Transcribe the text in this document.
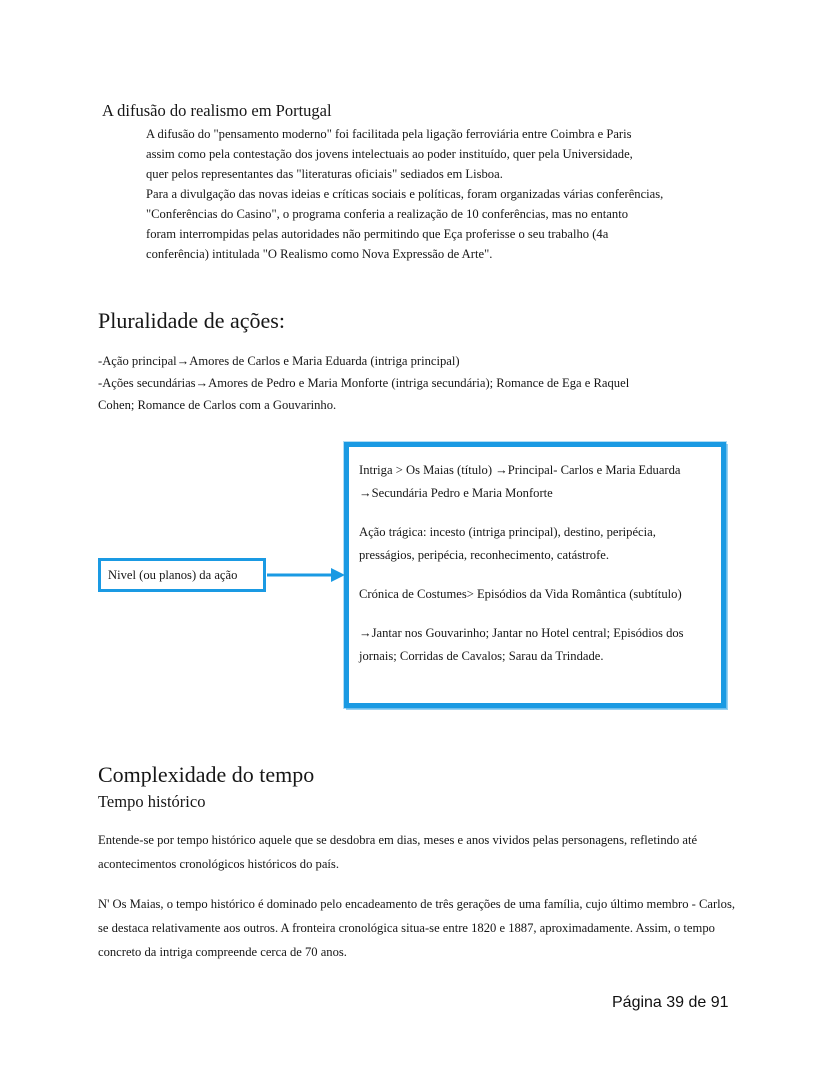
A difusão do realismo em Portugal

A difusão do "pensamento moderno" foi facilitada pela ligação ferroviária entre Coimbra e Paris

assim como pela contestação dos jovens intelectuais ao poder instituído, quer pela Universidade,

quer pelos representantes das "literaturas oficiais" sediados em Lisboa.

Para a divulgação das novas ideias e críticas sociais e políticas, foram organizadas várias conferências,

"Conferências do Casino", o programa conferia a realização de 10 conferências, mas no entanto

foram interrompidas pelas autoridades não permitindo que Eça proferisse o seu trabalho (4a

conferência) intitulada "O Realismo como Nova Expressão de Arte".

Pluralidade de ações:

-Ação principal→Amores de Carlos e Maria Eduarda (intriga principal)

-Ações secundárias→Amores de Pedro e Maria Monforte (intriga secundária); Romance de Ega e Raquel

Cohen; Romance de Carlos com a Gouvarinho.

Nivel (ou planos) da ação

Intriga > Os Maias (título) →Principal- Carlos e Maria Eduarda →Secundária Pedro e Maria Monforte

Ação trágica: incesto (intriga principal), destino, peripécia, presságios, peripécia, reconhecimento, catástrofe.

Crónica de Costumes> Episódios da Vida Romântica (subtítulo)

→Jantar nos Gouvarinho; Jantar no Hotel central; Episódios dos jornais; Corridas de Cavalos; Sarau da Trindade.

Complexidade do tempo
Tempo histórico

Entende-se por tempo histórico aquele que se desdobra em dias, meses e anos vividos pelas personagens, refletindo até acontecimentos cronológicos históricos do país.

N' Os Maias, o tempo histórico é dominado pelo encadeamento de três gerações de uma família, cujo último membro - Carlos, se destaca relativamente aos outros. A fronteira cronológica situa-se entre 1820 e 1887, aproximadamente. Assim, o tempo concreto da intriga compreende cerca de 70 anos.

Página 39 de 91
